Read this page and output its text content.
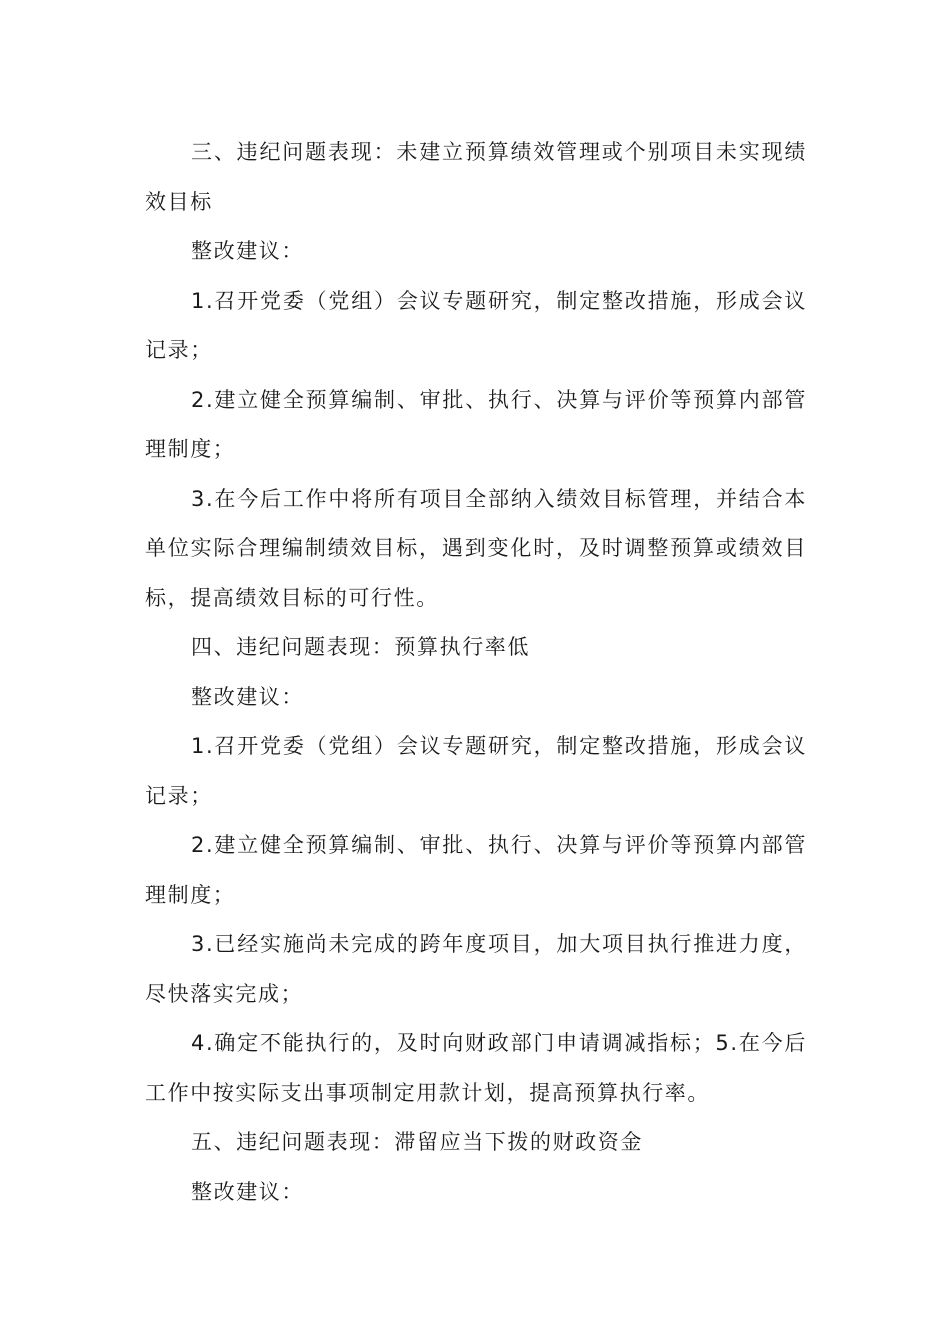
三、违纪问题表现：未建立预算绩效管理或个别项目未实现绩效目标

整改建议：

1.召开党委（党组）会议专题研究，制定整改措施，形成会议记录；

2.建立健全预算编制、审批、执行、决算与评价等预算内部管理制度；

3.在今后工作中将所有项目全部纳入绩效目标管理，并结合本单位实际合理编制绩效目标，遇到变化时，及时调整预算或绩效目标，提高绩效目标的可行性。

四、违纪问题表现：预算执行率低

整改建议：

1.召开党委（党组）会议专题研究，制定整改措施，形成会议记录；

2.建立健全预算编制、审批、执行、决算与评价等预算内部管理制度；

3.已经实施尚未完成的跨年度项目，加大项目执行推进力度，尽快落实完成；

4.确定不能执行的，及时向财政部门申请调减指标；5.在今后工作中按实际支出事项制定用款计划，提高预算执行率。

五、违纪问题表现：滞留应当下拨的财政资金

整改建议：
